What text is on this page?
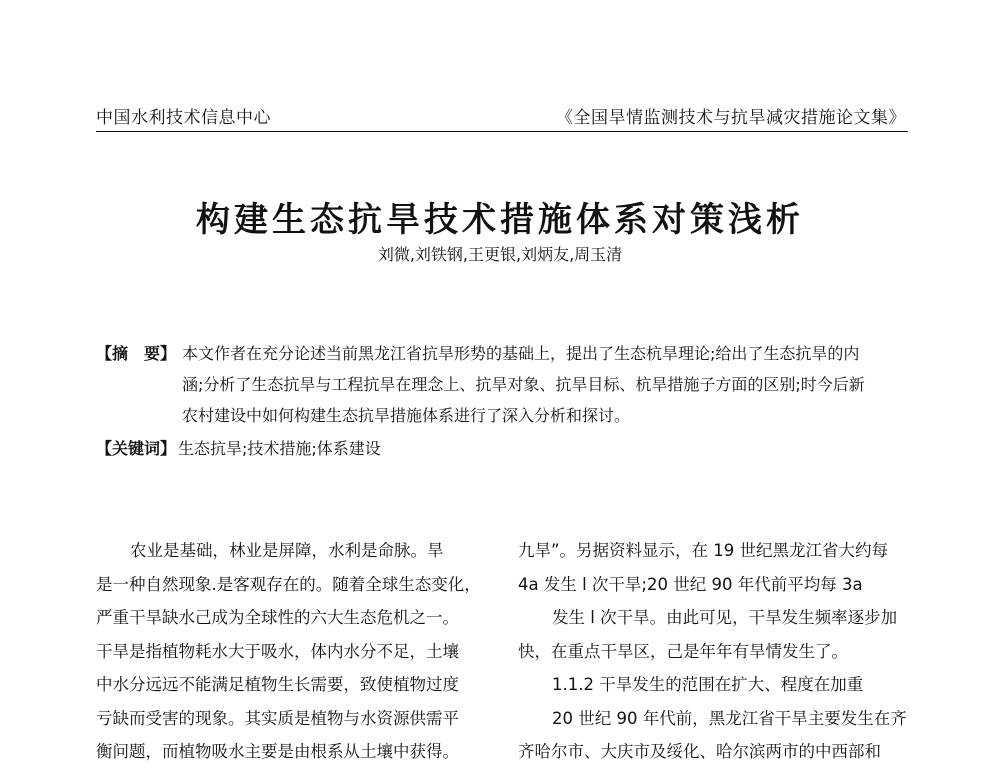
中国水利技术信息中心	《全国旱情监测技术与抗旱减灾措施论文集》
构建生态抗旱技术措施体系对策浅析
刘微,刘铁钢,王更银,刘炳友,周玉清
【摘　要】 本文作者在充分论述当前黑龙江省抗旱形势的基础上，提出了生态杭旱理论;给出了生态抗旱的内
涵;分析了生态抗旱与工程抗旱在理念上、抗旱对象、抗旱目标、杭旱措施子方面的区别;时今后新
农村建设中如何构建生态抗旱措施体系进行了深入分析和探讨。
【关键词】 生态抗旱;技术措施;体系建设
农业是基础，林业是屏障，水利是命脉。旱
是一种自然现象.是客观存在的。随着全球生态变化，
严重干旱缺水己成为全球性的六大生态危机之一。
干旱是指植物耗水大于吸水，体内水分不足，土壤
中水分远远不能满足植物生长需要，致使植物过度
亏缺而受害的现象。其实质是植物与水资源供需平
衡问题，而植物吸水主要是由根系从土壤中获得。
九旱”。另据资料显示，在 19 世纪黑龙江省大约每
4a 发生 l 次干旱;20 世纪 90 年代前平均每 3a
发生 l 次干旱。由此可见，干旱发生频率逐步加
快，在重点干旱区，己是年年有旱情发生了。
1.1.2 干旱发生的范围在扩大、程度在加重
20 世纪 90 年代前，黑龙江省干旱主要发生在齐
齐哈尔市、大庆市及绥化、哈尔滨两市的中西部和
